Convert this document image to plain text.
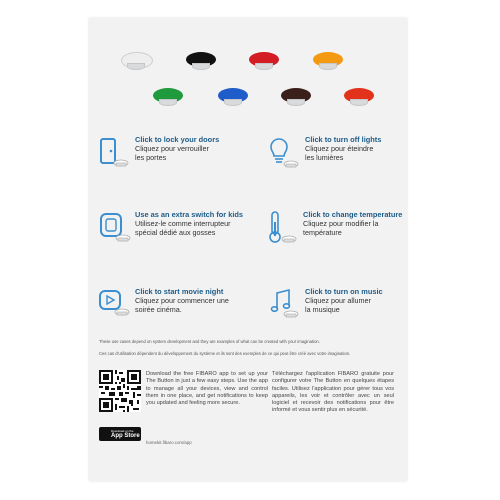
Click to lock your doors
Cliquez pour verrouiller les portes
Click to turn off lights
Cliquez pour éteindre les lumières
Use as an extra switch for kids
Utilisez-le comme interrupteur spécial dédié aux gosses
Click to change temperature
Cliquez pour modifier la température
Click to start movie night
Cliquez pour commencer une soirée cinéma.
Click to turn on music
Cliquez pour allumer la musique
These use cases depend on system development and they are examples of what can be created with your imagination.
Ces cas d'utilisation dépendent du développement du système et ils sont des exemples de ce qui peut être créé avec votre imagination.
Download on the
App Store
Download the free FIBARO app to set up your The Button in just a few easy steps. Use the app to manage all your devices, view and control them in one place, and get notifications to keep you updated and feeling more secure.
Téléchargez l'application FIBARO gratuite pour configurer votre The Button en quelques étapes faciles. Utilisez l'application pour gérer tous vos appareils, les voir et contrôler avec un seul logiciel et recevoir des notifications pour être informé et vous sentir plus en sécurité.
homekit.fibaro.com/app
